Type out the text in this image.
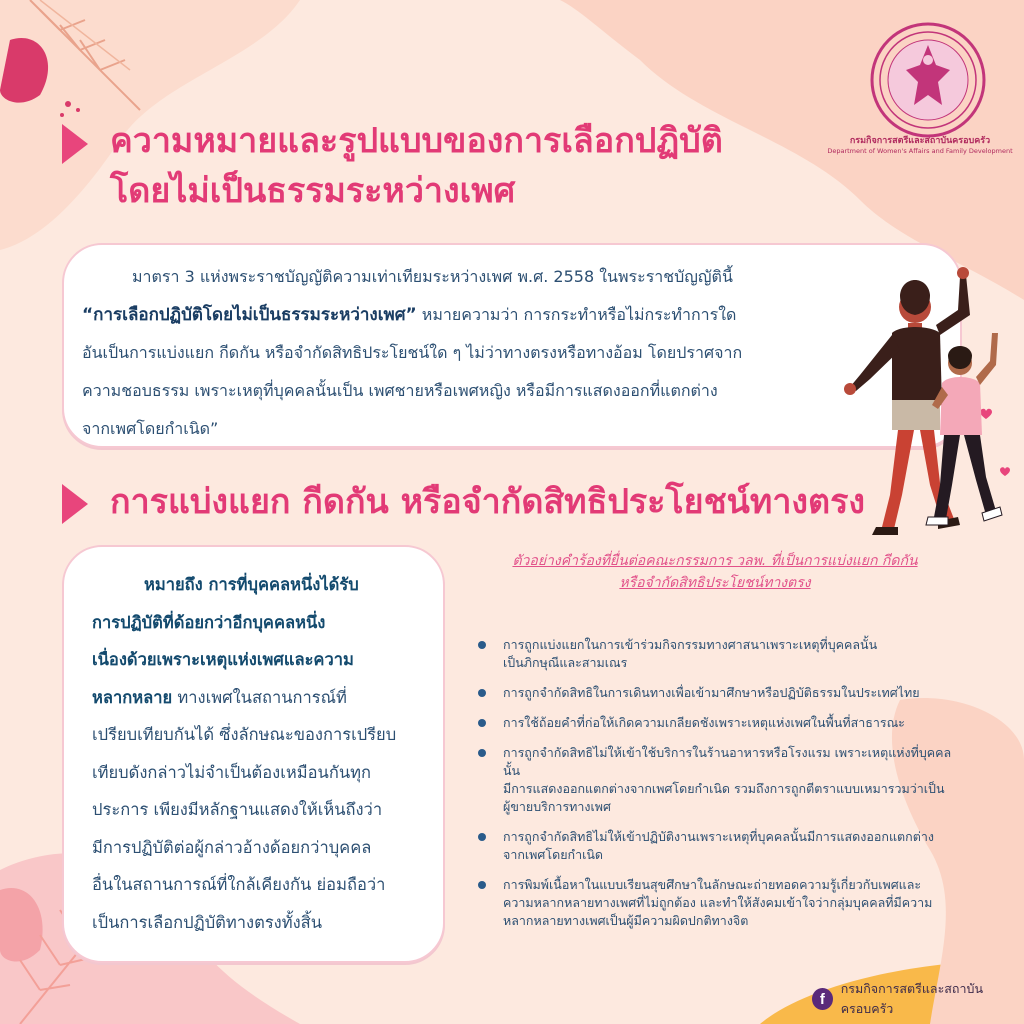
กรมกิจการสตรีและสถาบันครอบครัว
Department of Women's Affairs and Family Development
ความหมายและรูปแบบของการเลือกปฏิบัติ
โดยไม่เป็นธรรมระหว่างเพศ

มาตรา 3 แห่งพระราชบัญญัติความเท่าเทียมระหว่างเพศ พ.ศ. 2558 ในพระราชบัญญัตินี้

“การเลือกปฏิบัติโดยไม่เป็นธรรมระหว่างเพศ” หมายความว่า การกระทำหรือไม่กระทำการใด

อันเป็นการแบ่งแยก กีดกัน หรือจำกัดสิทธิประโยชน์ใด ๆ ไม่ว่าทางตรงหรือทางอ้อม โดยปราศจาก

ความชอบธรรม เพราะเหตุที่บุคคลนั้นเป็น เพศชายหรือเพศหญิง หรือมีการแสดงออกที่แตกต่าง

จากเพศโดยกำเนิด”

การแบ่งแยก กีดกัน หรือจำกัดสิทธิประโยชน์ทางตรง

หมายถึง การที่บุคคลหนึ่งได้รับ

การปฏิบัติที่ด้อยกว่าอีกบุคคลหนึ่ง

เนื่องด้วยเพราะเหตุแห่งเพศและความ

หลากหลาย ทางเพศในสถานการณ์ที่

เปรียบเทียบกันได้ ซึ่งลักษณะของการเปรียบ

เทียบดังกล่าวไม่จำเป็นต้องเหมือนกันทุก

ประการ เพียงมีหลักฐานแสดงให้เห็นถึงว่า

มีการปฏิบัติต่อผู้กล่าวอ้างด้อยกว่าบุคคล

อื่นในสถานการณ์ที่ใกล้เคียงกัน ย่อมถือว่า

เป็นการเลือกปฏิบัติทางตรงทั้งสิ้น

ตัวอย่างคำร้องที่ยื่นต่อคณะกรรมการ วลพ. ที่เป็นการแบ่งแยก กีดกัน
หรือจำกัดสิทธิประโยชน์ทางตรง
การถูกแบ่งแยกในการเข้าร่วมกิจกรรมทางศาสนาเพราะเหตุที่บุคคลนั้น
เป็นภิกษุณีและสามเณร
การถูกจำกัดสิทธิในการเดินทางเพื่อเข้ามาศึกษาหรือปฏิบัติธรรมในประเทศไทย
การใช้ถ้อยคำที่ก่อให้เกิดความเกลียดชังเพราะเหตุแห่งเพศในพื้นที่สาธารณะ
การถูกจำกัดสิทธิไม่ให้เข้าใช้บริการในร้านอาหารหรือโรงแรม เพราะเหตุแห่งที่บุคคลนั้น
มีการแสดงออกแตกต่างจากเพศโดยกำเนิด รวมถึงการถูกตีตราแบบเหมารวมว่าเป็น
ผู้ขายบริการทางเพศ
การถูกจำกัดสิทธิไม่ให้เข้าปฏิบัติงานเพราะเหตุที่บุคคลนั้นมีการแสดงออกแตกต่าง
จากเพศโดยกำเนิด
การพิมพ์เนื้อหาในแบบเรียนสุขศึกษาในลักษณะถ่ายทอดความรู้เกี่ยวกับเพศและ
ความหลากหลายทางเพศที่ไม่ถูกต้อง และทำให้สังคมเข้าใจว่ากลุ่มบุคคลที่มีความ
หลากหลายทางเพศเป็นผู้มีความผิดปกติทางจิต
f
กรมกิจการสตรีและสถาบันครอบครัว
